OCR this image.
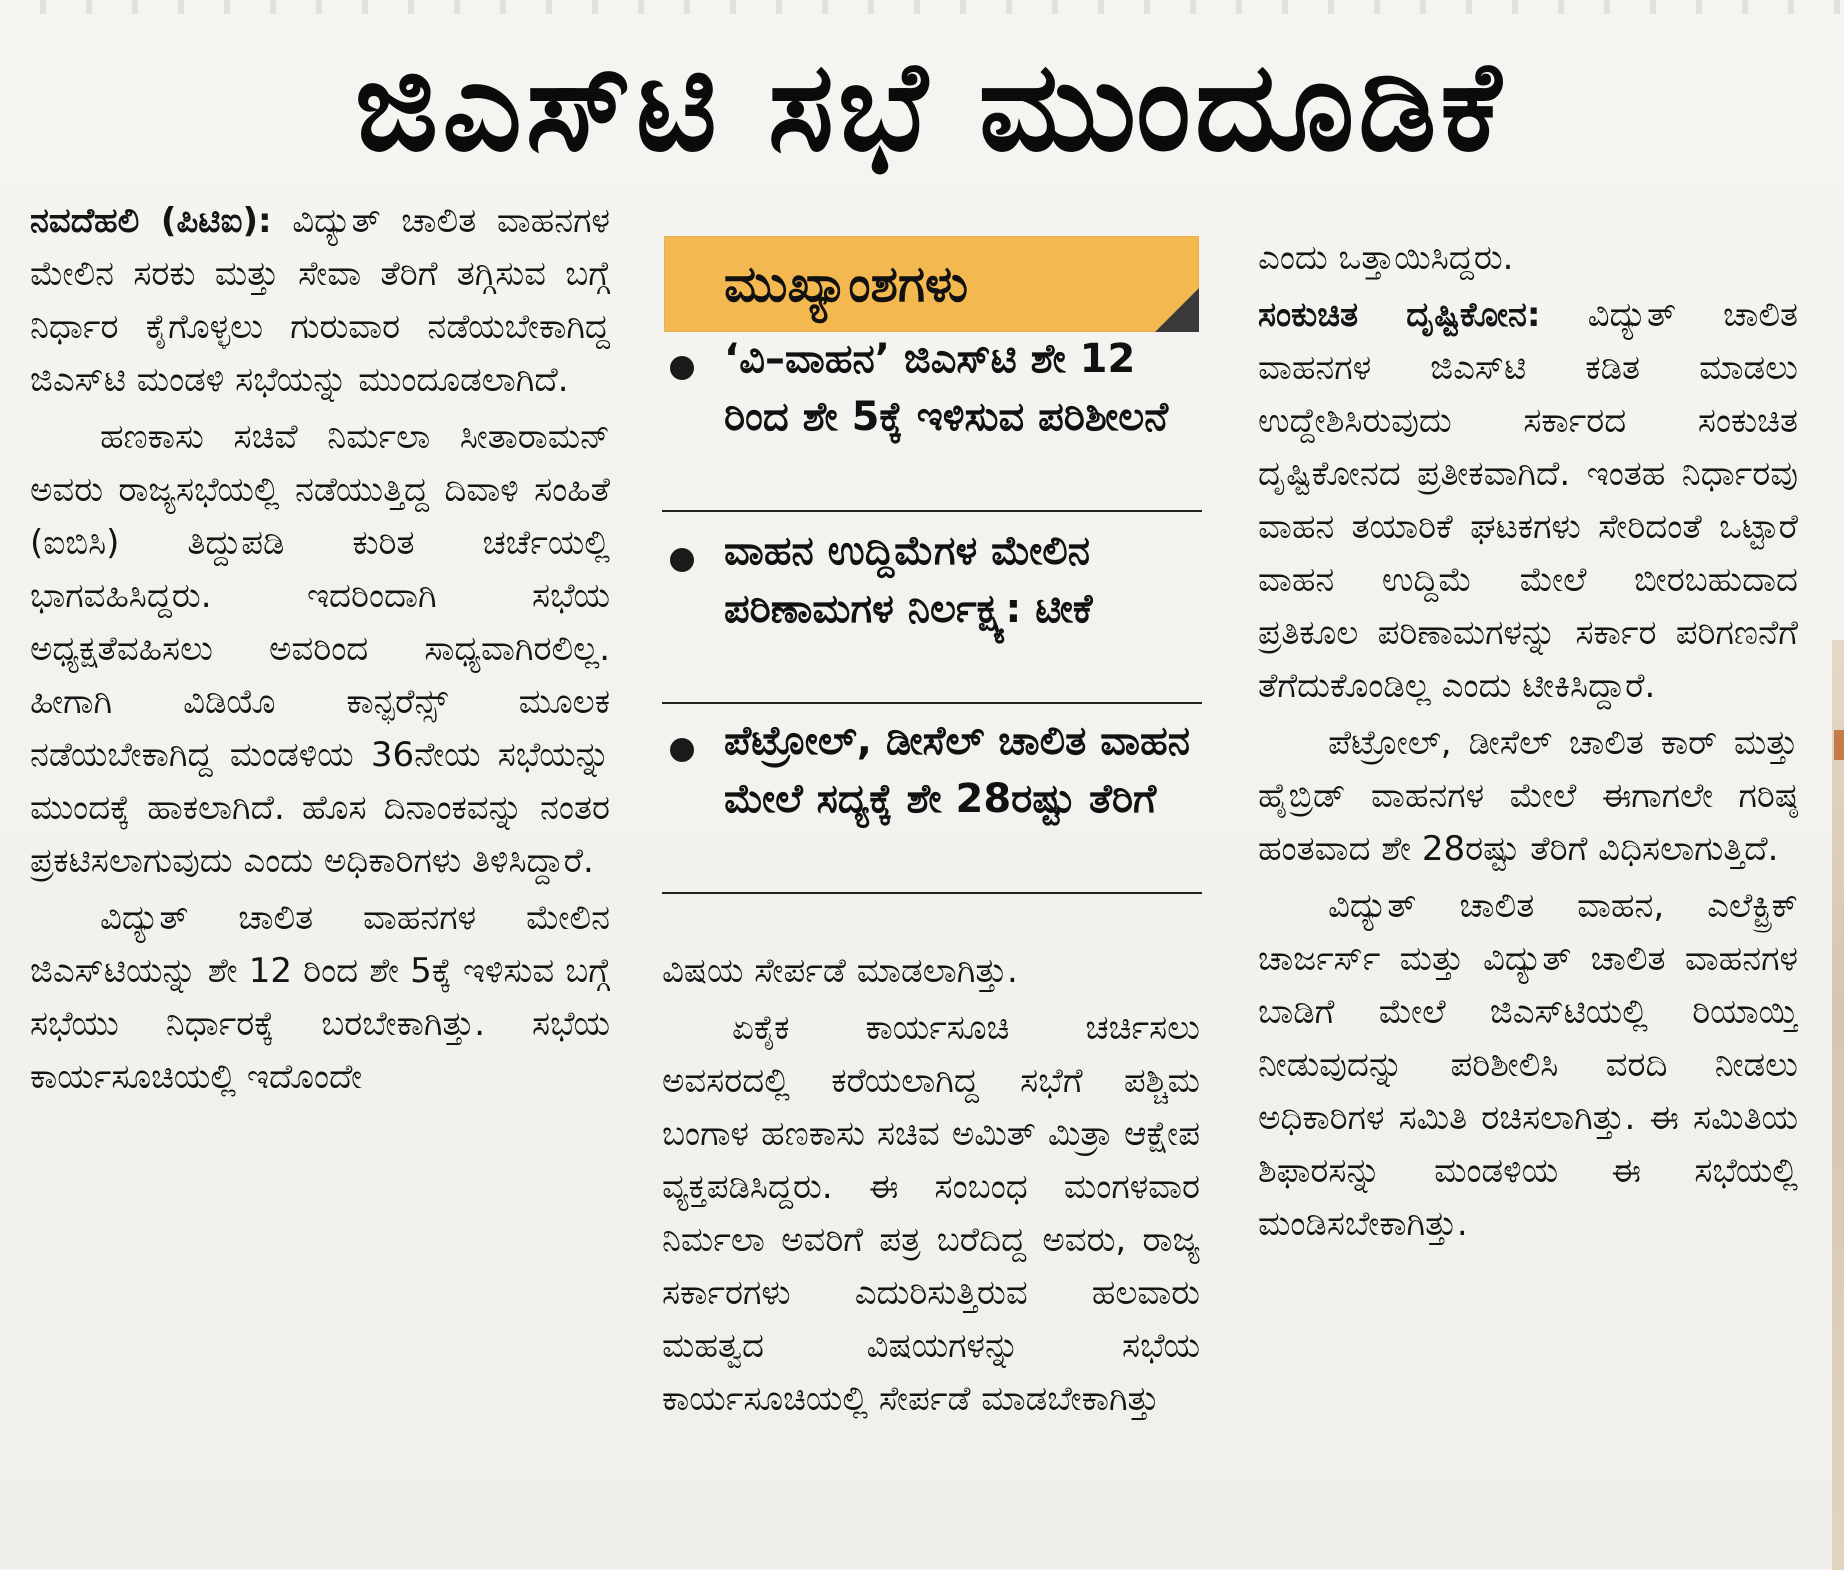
ಜಿಎಸ್‌ಟಿ ಸಭೆ ಮುಂದೂಡಿಕೆ

ನವದೆಹಲಿ (ಪಿಟಿಐ): ವಿದ್ಯುತ್ ಚಾಲಿತ ವಾಹನಗಳ ಮೇಲಿನ ಸರಕು ಮತ್ತು ಸೇವಾ ತೆರಿಗೆ ತಗ್ಗಿಸುವ ಬಗ್ಗೆ ನಿರ್ಧಾರ ಕೈಗೊಳ್ಳಲು ಗುರುವಾರ ನಡೆಯಬೇಕಾಗಿದ್ದ ಜಿಎಸ್‌ಟಿ ಮಂಡಳಿ ಸಭೆಯನ್ನು ಮುಂದೂಡಲಾಗಿದೆ.

ಹಣಕಾಸು ಸಚಿವೆ ನಿರ್ಮಲಾ ಸೀತಾರಾಮನ್ ಅವರು ರಾಜ್ಯಸಭೆಯಲ್ಲಿ ನಡೆಯುತ್ತಿದ್ದ ದಿವಾಳಿ ಸಂಹಿತೆ (ಐಬಿಸಿ) ತಿದ್ದುಪಡಿ ಕುರಿತ ಚರ್ಚೆಯಲ್ಲಿ ಭಾಗವಹಿಸಿದ್ದರು. ಇದರಿಂದಾಗಿ ಸಭೆಯ ಅಧ್ಯಕ್ಷತೆವಹಿಸಲು ಅವರಿಂದ ಸಾಧ್ಯವಾಗಿರಲಿಲ್ಲ. ಹೀಗಾಗಿ ವಿಡಿಯೊ ಕಾನ್ಫರೆನ್ಸ್ ಮೂಲಕ ನಡೆಯಬೇಕಾಗಿದ್ದ ಮಂಡಳಿಯ 36ನೇಯ ಸಭೆಯನ್ನು ಮುಂದಕ್ಕೆ ಹಾಕಲಾಗಿದೆ. ಹೊಸ ದಿನಾಂಕವನ್ನು ನಂತರ ಪ್ರಕಟಿಸಲಾಗುವುದು ಎಂದು ಅಧಿಕಾರಿಗಳು ತಿಳಿಸಿದ್ದಾರೆ.

ವಿದ್ಯುತ್ ಚಾಲಿತ ವಾಹನಗಳ ಮೇಲಿನ ಜಿಎಸ್‌ಟಿಯನ್ನು ಶೇ 12 ರಿಂದ ಶೇ 5ಕ್ಕೆ ಇಳಿಸುವ ಬಗ್ಗೆ ಸಭೆಯು ನಿರ್ಧಾರಕ್ಕೆ ಬರಬೇಕಾಗಿತ್ತು. ಸಭೆಯ ಕಾರ್ಯಸೂಚಿಯಲ್ಲಿ ಇದೊಂದೇ

ಮುಖ್ಯಾಂಶಗಳು
‘ವಿ–ವಾಹನ’ ಜಿಎಸ್‌ಟಿ ಶೇ 12 ರಿಂದ ಶೇ 5ಕ್ಕೆ ಇಳಿಸುವ ಪರಿಶೀಲನೆ
ವಾಹನ ಉದ್ದಿಮೆಗಳ ಮೇಲಿನ ಪರಿಣಾಮಗಳ ನಿರ್ಲಕ್ಷ್ಯ: ಟೀಕೆ
ಪೆಟ್ರೋಲ್, ಡೀಸೆಲ್ ಚಾಲಿತ ವಾಹನ ಮೇಲೆ ಸದ್ಯಕ್ಕೆ ಶೇ 28ರಷ್ಟು ತೆರಿಗೆ

ವಿಷಯ ಸೇರ್ಪಡೆ ಮಾಡಲಾಗಿತ್ತು.

ಏಕೈಕ ಕಾರ್ಯಸೂಚಿ ಚರ್ಚಿಸಲು ಅವಸರದಲ್ಲಿ ಕರೆಯಲಾಗಿದ್ದ ಸಭೆಗೆ ಪಶ್ಚಿಮ ಬಂಗಾಳ ಹಣಕಾಸು ಸಚಿವ ಅಮಿತ್ ಮಿತ್ರಾ ಆಕ್ಷೇಪ ವ್ಯಕ್ತಪಡಿಸಿದ್ದರು. ಈ ಸಂಬಂಧ ಮಂಗಳವಾರ ನಿರ್ಮಲಾ ಅವರಿಗೆ ಪತ್ರ ಬರೆದಿದ್ದ ಅವರು, ರಾಜ್ಯ ಸರ್ಕಾರಗಳು ಎದುರಿಸುತ್ತಿರುವ ಹಲವಾರು ಮಹತ್ವದ ವಿಷಯಗಳನ್ನು ಸಭೆಯ ಕಾರ್ಯಸೂಚಿಯಲ್ಲಿ ಸೇರ್ಪಡೆ ಮಾಡಬೇಕಾಗಿತ್ತು

ಎಂದು ಒತ್ತಾಯಿಸಿದ್ದರು.

ಸಂಕುಚಿತ ದೃಷ್ಟಿಕೋನ: ವಿದ್ಯುತ್ ಚಾಲಿತ ವಾಹನಗಳ ಜಿಎಸ್‌ಟಿ ಕಡಿತ ಮಾಡಲು ಉದ್ದೇಶಿಸಿರುವುದು ಸರ್ಕಾರದ ಸಂಕುಚಿತ ದೃಷ್ಟಿಕೋನದ ಪ್ರತೀಕವಾಗಿದೆ. ಇಂತಹ ನಿರ್ಧಾರವು ವಾಹನ ತಯಾರಿಕೆ ಘಟಕಗಳು ಸೇರಿದಂತೆ ಒಟ್ಟಾರೆ ವಾಹನ ಉದ್ದಿಮೆ ಮೇಲೆ ಬೀರಬಹುದಾದ ಪ್ರತಿಕೂಲ ಪರಿಣಾಮಗಳನ್ನು ಸರ್ಕಾರ ಪರಿಗಣನೆಗೆ ತೆಗೆದುಕೊಂಡಿಲ್ಲ ಎಂದು ಟೀಕಿಸಿದ್ದಾರೆ.

ಪೆಟ್ರೋಲ್, ಡೀಸೆಲ್ ಚಾಲಿತ ಕಾರ್ ಮತ್ತು ಹೈಬ್ರಿಡ್ ವಾಹನಗಳ ಮೇಲೆ ಈಗಾಗಲೇ ಗರಿಷ್ಠ ಹಂತವಾದ ಶೇ 28ರಷ್ಟು ತೆರಿಗೆ ವಿಧಿಸಲಾಗುತ್ತಿದೆ.

ವಿದ್ಯುತ್ ಚಾಲಿತ ವಾಹನ, ಎಲೆಕ್ಟ್ರಿಕ್ ಚಾರ್ಜರ್ಸ್ ಮತ್ತು ವಿದ್ಯುತ್ ಚಾಲಿತ ವಾಹನಗಳ ಬಾಡಿಗೆ ಮೇಲೆ ಜಿಎಸ್‌ಟಿಯಲ್ಲಿ ರಿಯಾಯ್ತಿ ನೀಡುವುದನ್ನು ಪರಿಶೀಲಿಸಿ ವರದಿ ನೀಡಲು ಅಧಿಕಾರಿಗಳ ಸಮಿತಿ ರಚಿಸಲಾಗಿತ್ತು. ಈ ಸಮಿತಿಯ ಶಿಫಾರಸನ್ನು ಮಂಡಳಿಯ ಈ ಸಭೆಯಲ್ಲಿ ಮಂಡಿಸಬೇಕಾಗಿತ್ತು.
